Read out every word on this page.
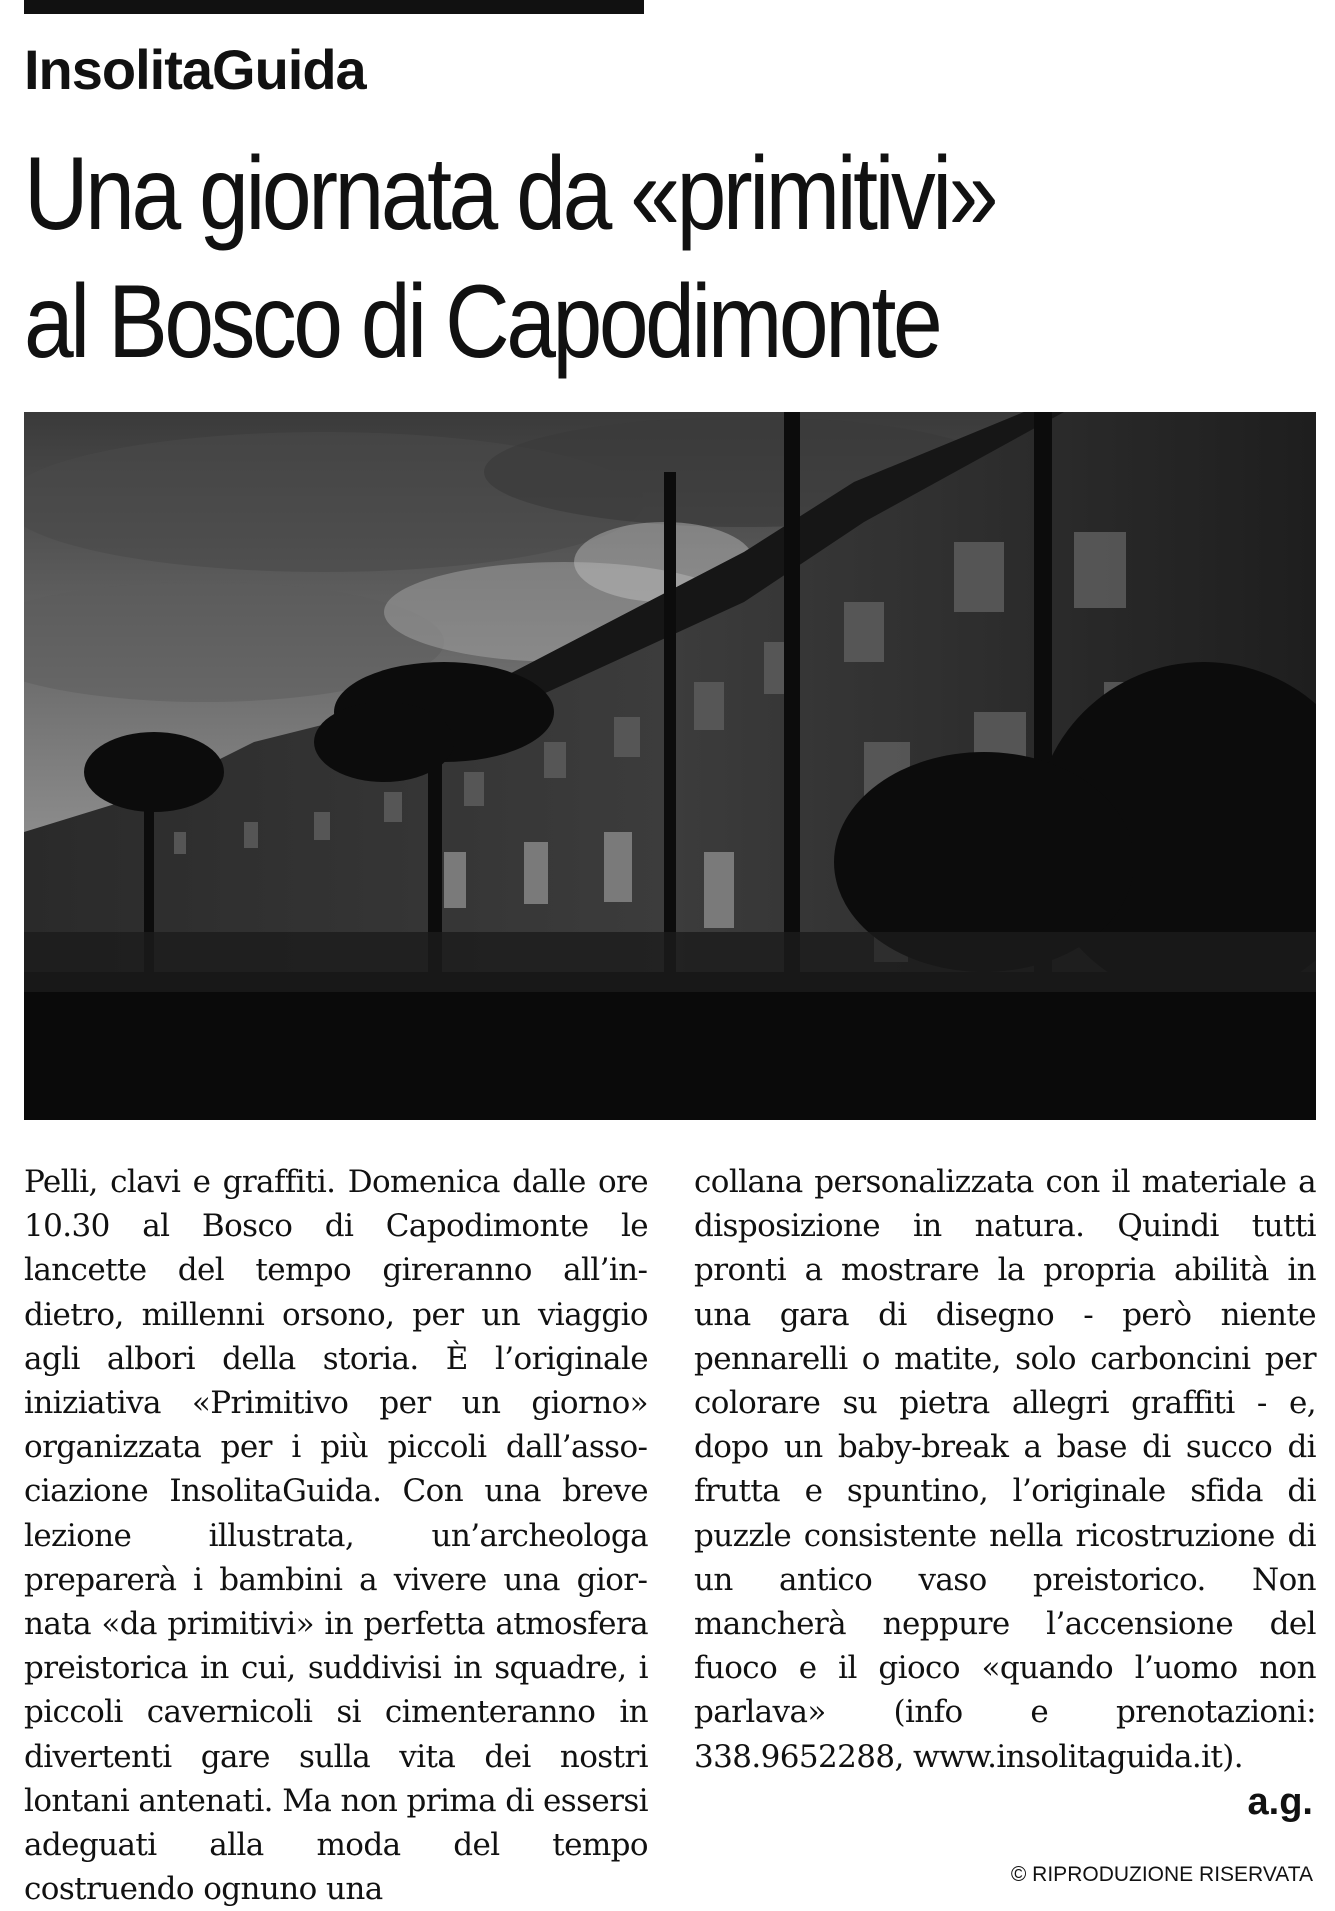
InsolitaGuida
Una giornata da «primitivi»
al Bosco di Capodimonte

Pelli, clavi e graffiti. Domenica dalle ore 10.30 al Bosco di Capodimonte le lancette del tempo gireranno all’indietro, millenni orsono, per un viaggio agli albori della storia. È l’originale iniziativa «Primitivo per un giorno» organizzata per i più piccoli dall’associazione InsolitaGuida. Con una breve lezione illustrata, un’archeologa preparerà i bambini a vivere una giornata «da primitivi» in perfetta atmosfera preistorica in cui, suddivisi in squadre, i piccoli cavernicoli si cimenteranno in divertenti gare sulla vita dei nostri lontani antenati. Ma non prima di essersi adeguati alla moda del tempo costruendo ognuno una

collana personalizzata con il materiale a disposizione in natura. Quindi tutti pronti a mostrare la propria abilità in una gara di disegno - però niente pennarelli o matite, solo carboncini per colorare su pietra allegri graffiti - e, dopo un baby-break a base di succo di frutta e spuntino, l’originale sfida di puzzle consistente nella ricostruzione di un antico vaso preistorico. Non mancherà neppure l’accensione del fuoco e il gioco «quando l’uomo non parlava» (info e prenotazioni: 338.9652288, www.insolitaguida.it).

a.g.
© RIPRODUZIONE RISERVATA
